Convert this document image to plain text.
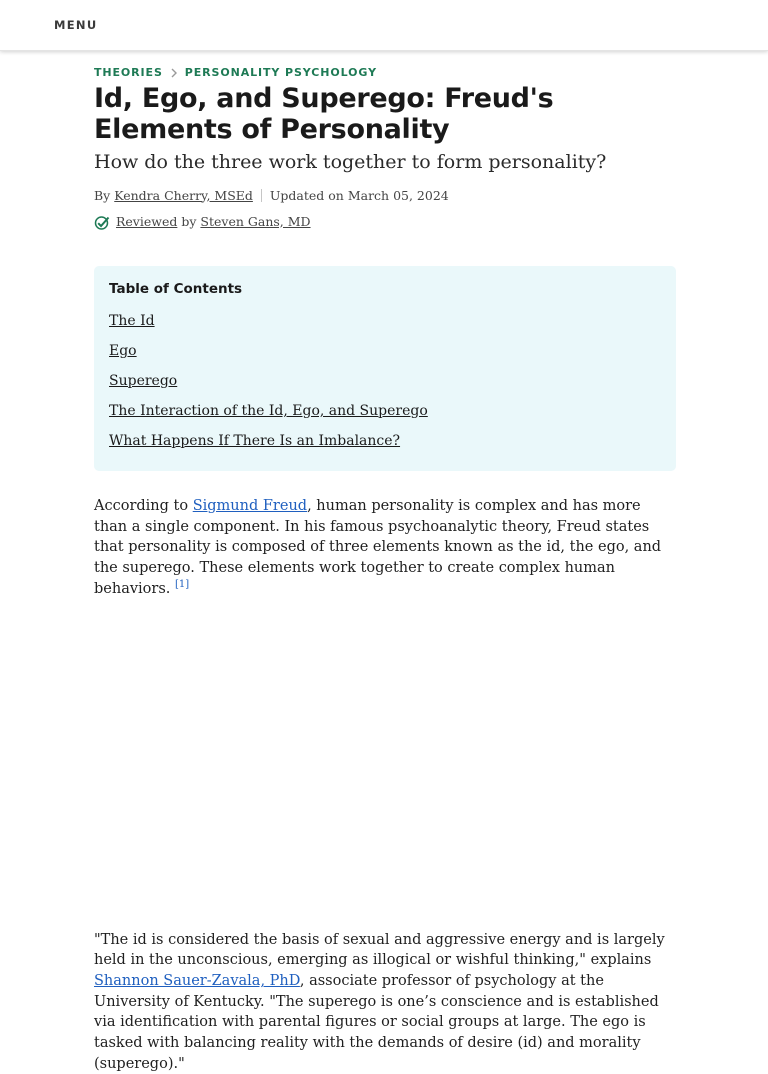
MENU
THEORIES PERSONALITY PSYCHOLOGY
Id, Ego, and Superego: Freud's Elements of Personality
How do the three work together to form personality?
By
Kendra Cherry, MSEd Updated on March 05, 2024
Reviewed
by
Steven Gans, MD
Table of Contents
The Id
Ego
Superego
The Interaction of the Id, Ego, and Superego
What Happens If There Is an Imbalance?

According to Sigmund Freud, human personality is complex and has more than a single component. In his famous psychoanalytic theory, Freud states that personality is composed of three elements known as the id, the ego, and the superego. These elements work together to create complex human behaviors. [1]

"The id is considered the basis of sexual and aggressive energy and is largely held in the unconscious, emerging as illogical or wishful thinking," explains Shannon Sauer-Zavala, PhD, associate professor of psychology at the University of Kentucky. "The superego is one’s conscience and is established via identification with parental figures or social groups at large. The ego is tasked with balancing reality with the demands of desire (id) and morality (superego)."
